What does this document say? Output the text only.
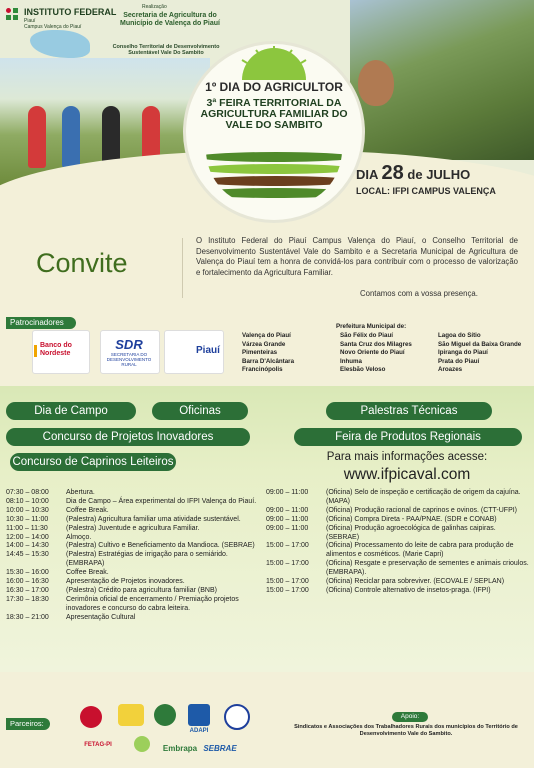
INSTITUTO FEDERAL
Piauí
Campus Valença do Piauí
Realização
Secretaria de Agricultura do Município de Valença do Piauí
Conselho Territorial de Desenvolvimento Sustentável Vale Do Sambito
1º DIA DO AGRICULTOR
3ª FEIRA TERRITORIAL DA AGRICULTURA FAMILIAR DO VALE DO SAMBITO
DIA 28 de JULHO
LOCAL: IFPI CAMPUS VALENÇA
Convite
O Instituto Federal do Piauí Campus Valença do Piauí, o Conselho Territorial de Desenvolvimento Sustentável Vale do Sambito e a Secretaria Municipal de Agricultura de Valença do Piauí tem a honra de convidá-los para contribuir com o processo de valorização e fortalecimento da Agricultura Familiar.
Contamos com a vossa presença.
Patrocinadores
Banco do Nordeste
SDR
SECRETARIA DO DESENVOLVIMENTO RURAL
Piauí
Prefeitura Municipal de:
Valença do Piauí
Várzea Grande
Pimenteiras
Barra D'Alcântara
Francinópolis
São Félix do Piauí
Santa Cruz dos Milagres
Novo Oriente do Piauí
Inhuma
Elesbão Veloso
Lagoa do Sítio
São Miguel da Baixa Grande
Ipiranga do Piauí
Prata do Piauí
Aroazes
Dia de Campo	Oficinas
Concurso de Projetos Inovadores
Concurso de Caprinos Leiteiros
Palestras Técnicas
Feira de Produtos Regionais
Para mais informações acesse:
www.ifpicaval.com
07:30 – 08:00	Abertura.
08:10 – 10:00	Dia de Campo – Área experimental do IFPI Valença do Piauí.
10:00 – 10:30	Coffee Break.
10:30 – 11:00	(Palestra) Agricultura familiar uma atividade sustentável.
11:00 – 11:30	(Palestra) Juventude e agricultura Familiar.
12:00 – 14:00	Almoço.
14:00 – 14:30	(Palestra) Cultivo e Beneficiamento da Mandioca. (SEBRAE)
14:45 – 15:30	(Palestra) Estratégias de irrigação para o semiárido. (EMBRAPA)
15:30 – 16:00	Coffee Break.
16:00 – 16:30	Apresentação de Projetos inovadores.
16:30 – 17:00	(Palestra) Crédito para agricultura familiar (BNB)
17:30 – 18:30	Cerimônia oficial de encerramento / Premiação projetos inovadores e concurso do cabra leiteira.
18:30 – 21:00	Apresentação Cultural
09:00 – 11:00	(Oficina) Selo de inspeção e certificação de origem da cajuína. (MAPA)
09:00 – 11:00	(Oficina) Produção racional de caprinos e ovinos. (CTT-UFPI)
09:00 – 11:00	(Oficina) Compra Direta - PAA/PNAE. (SDR e CONAB)
09:00 – 11:00	(Oficina) Produção agroecológica de galinhas caipiras. (SEBRAE)
15:00 – 17:00	(Oficina) Processamento do leite de cabra para produção de alimentos e cosméticos. (Marie Capri)
15:00 – 17:00	(Oficina) Resgate e preservação de sementes e animais crioulos. (EMBRAPA).
15:00 – 17:00	(Oficina) Reciclar para sobreviver. (ECOVALE / SEPLAN)
15:00 – 17:00	(Oficina) Controle alternativo de insetos-praga. (IFPI)
Parceiros:
ADAPI
FETAG-PI	Embrapa SEBRAE
Apoio:
Sindicatos e Associações dos Trabalhadores Rurais dos municípios do Território de Desenvolvimento Vale do Sambito.
